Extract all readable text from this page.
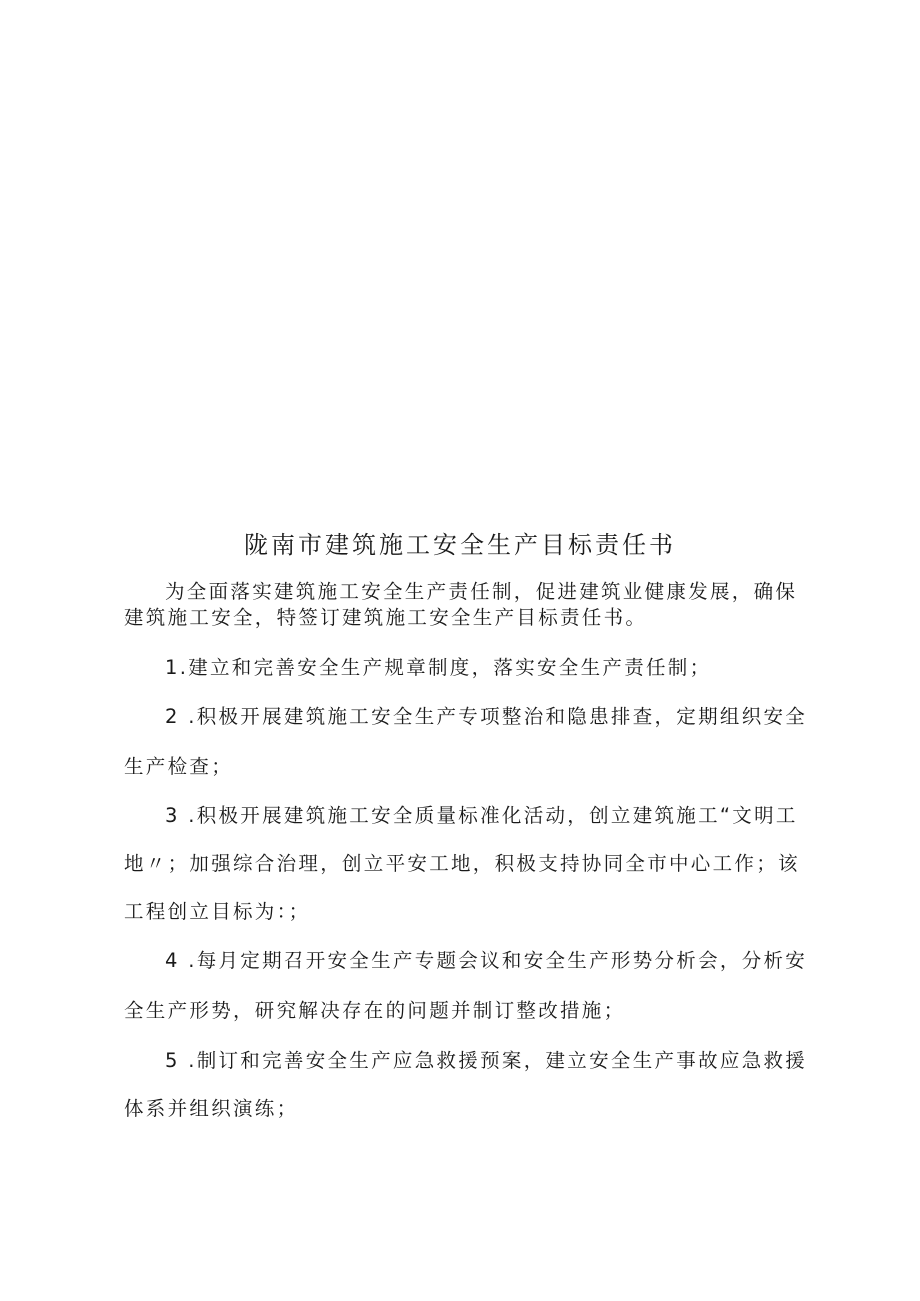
陇南市建筑施工安全生产目标责任书
为全面落实建筑施工安全生产责任制，促进建筑业健康发展，确保
建筑施工安全，特签订建筑施工安全生产目标责任书。
1.建立和完善安全生产规章制度，落实安全生产责任制；
2 .积极开展建筑施工安全生产专项整治和隐患排查，定期组织安全
生产检查；
3 .积极开展建筑施工安全质量标准化活动，创立建筑施工“文明工
地〃；加强综合治理，创立平安工地，积极支持协同全市中心工作；该
工程创立目标为：；
4 .每月定期召开安全生产专题会议和安全生产形势分析会，分析安
全生产形势，研究解决存在的问题并制订整改措施；
5 .制订和完善安全生产应急救援预案，建立安全生产事故应急救援
体系并组织演练；
